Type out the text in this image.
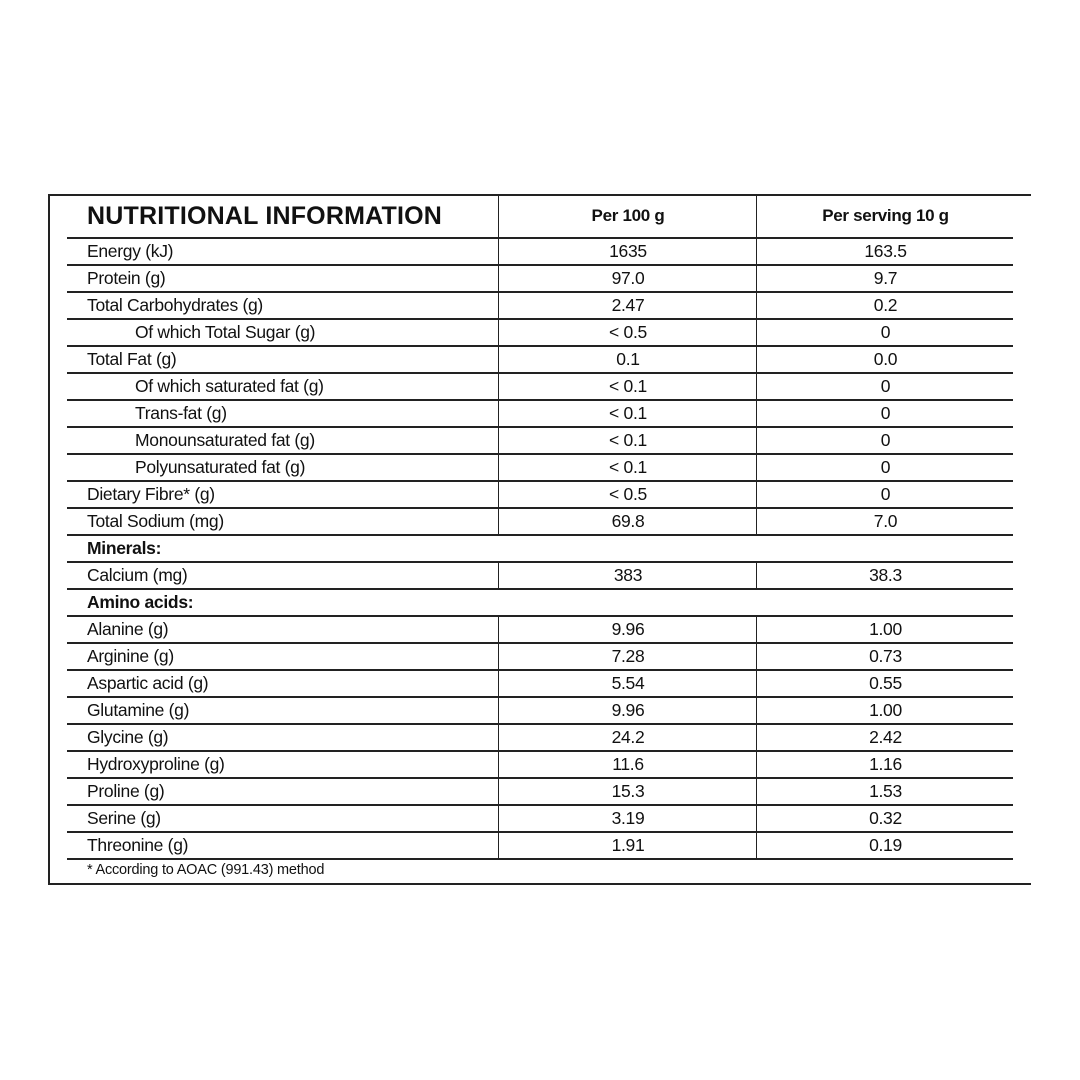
NUTRITIONAL INFORMATION	Per 100 g	Per serving 10 g
Energy (kJ)	1635	163.5
Protein (g)	97.0	9.7
Total Carbohydrates (g)	2.47	0.2
Of which Total Sugar (g)	< 0.5	0
Total Fat (g)	0.1	0.0
Of which saturated fat (g)	< 0.1	0
Trans-fat (g)	< 0.1	0
Monounsaturated fat (g)	< 0.1	0
Polyunsaturated fat (g)	< 0.1	0
Dietary Fibre* (g)	< 0.5	0
Total Sodium (mg)	69.8	7.0
Minerals:
Calcium (mg)	383	38.3
Amino acids:
Alanine (g)	9.96	1.00
Arginine (g)	7.28	0.73
Aspartic acid (g)	5.54	0.55
Glutamine (g)	9.96	1.00
Glycine (g)	24.2	2.42
Hydroxyproline (g)	11.6	1.16
Proline (g)	15.3	1.53
Serine (g)	3.19	0.32
Threonine (g)	1.91	0.19
* According to AOAC (991.43) method
